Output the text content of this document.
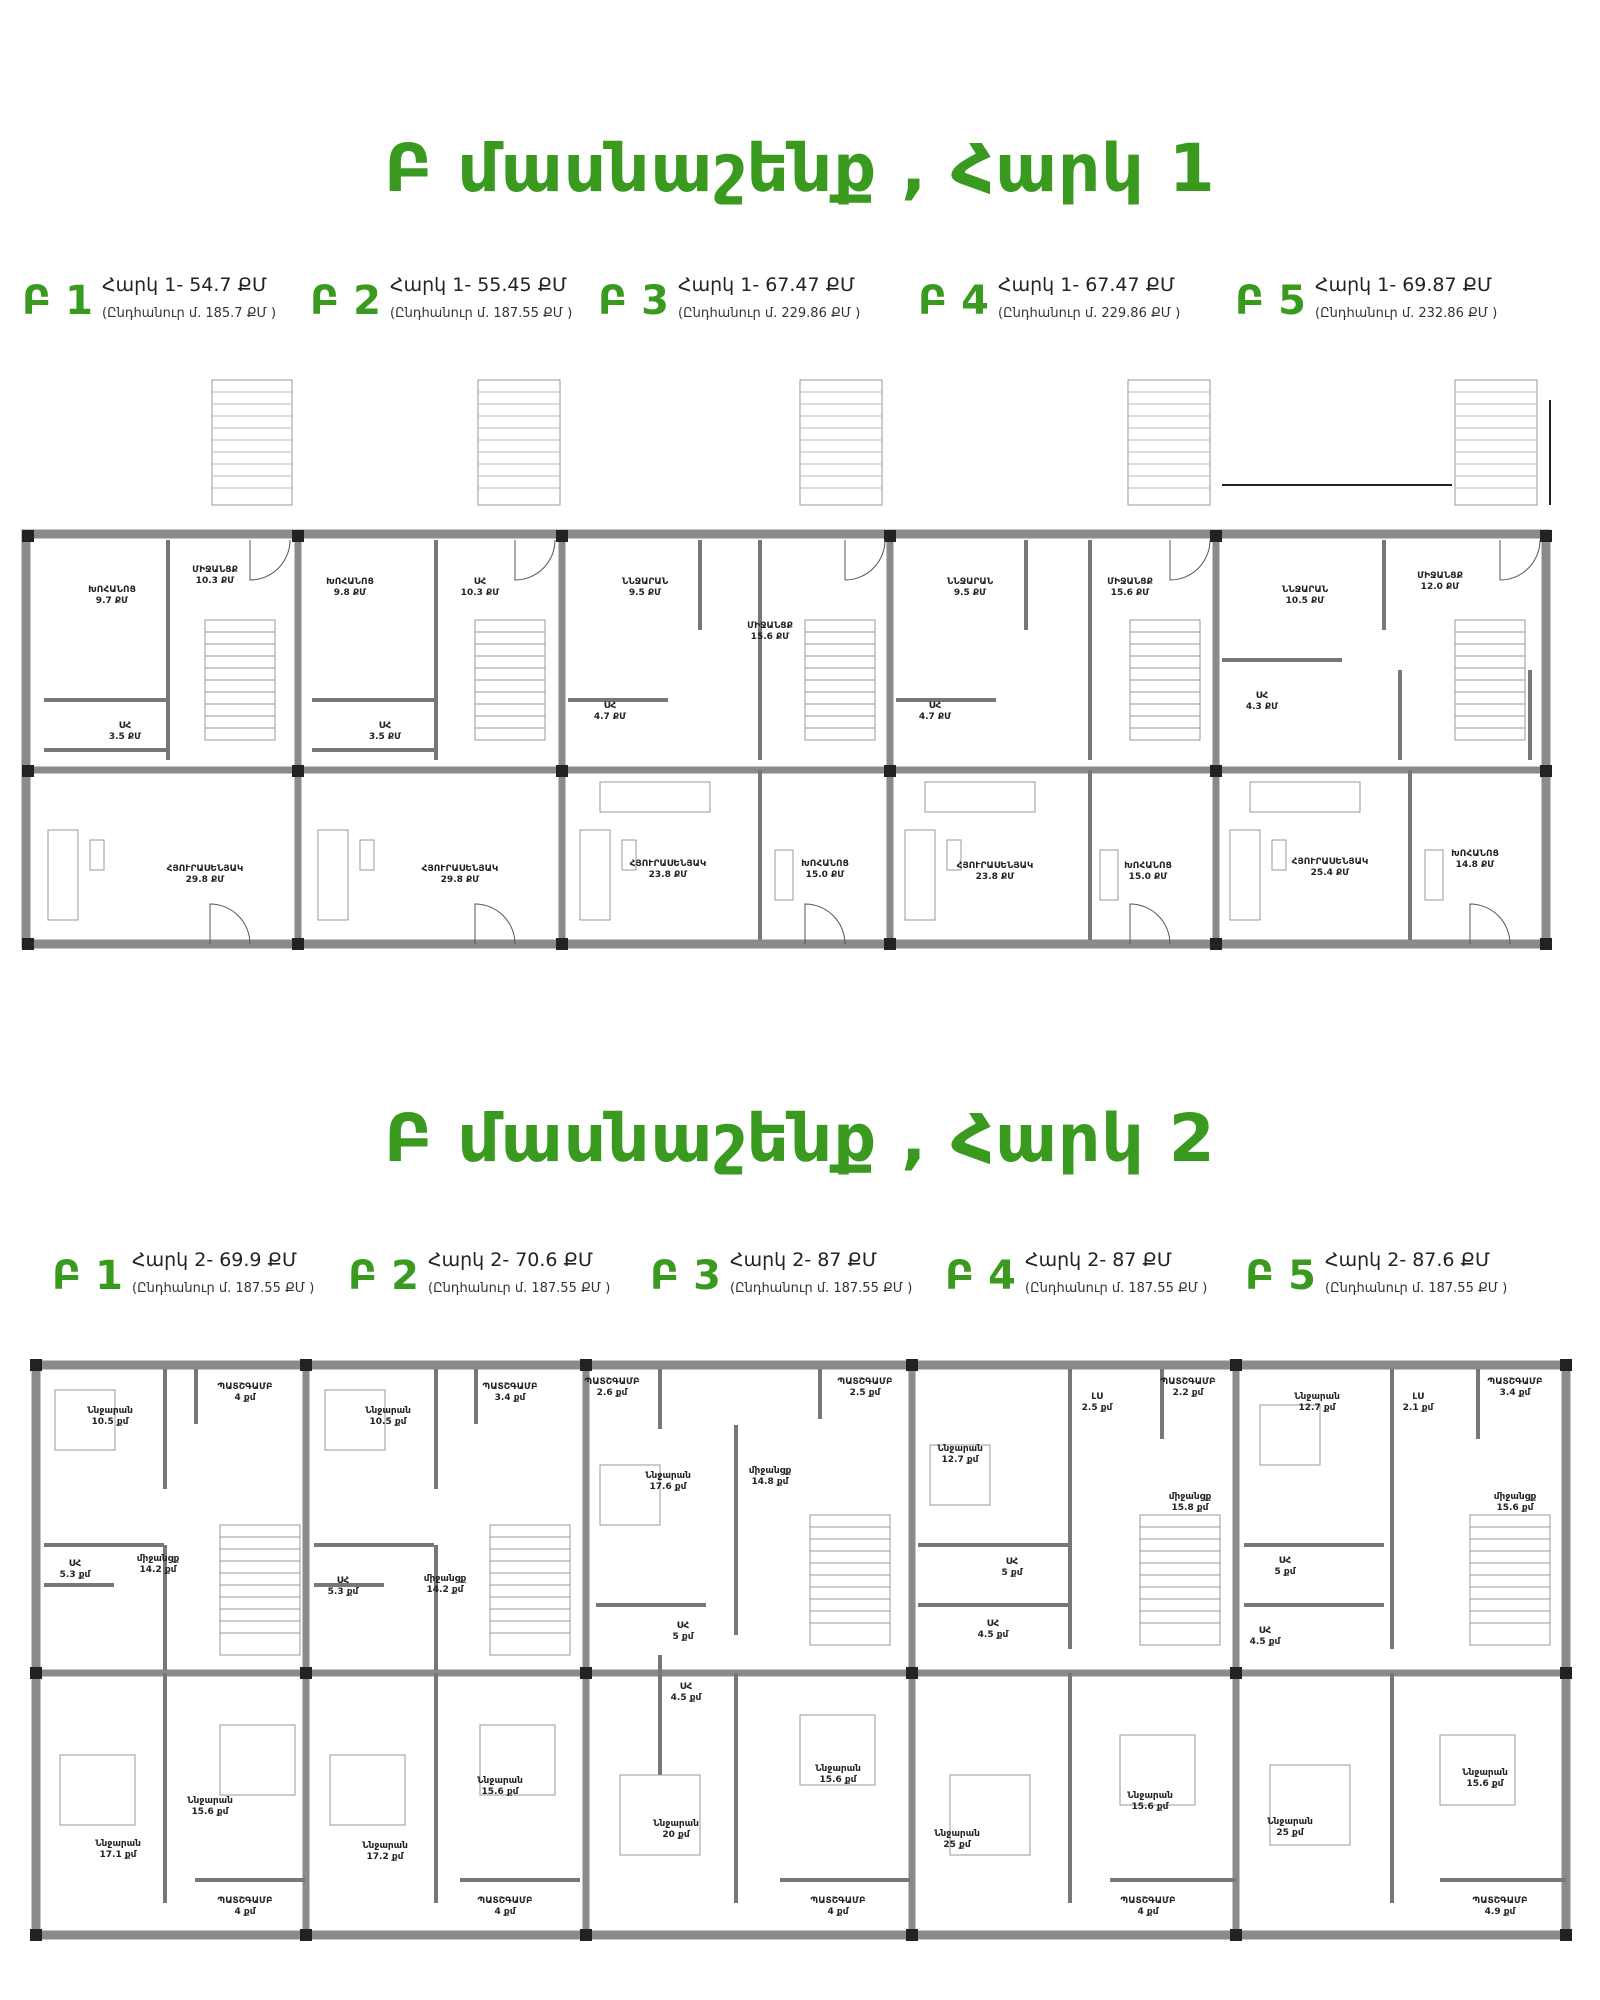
Բ մասնաշենք , Հարկ 1
Բ 1 Հարկ 1- 54.7 ՔՄ
(Ընդհանուր մ. 185.7 ՔՄ ) Բ 2 Հարկ 1- 55.45 ՔՄ
(Ընդհանուր մ. 187.55 ՔՄ ) Բ 3 Հարկ 1- 67.47 ՔՄ
(Ընդհանուր մ. 229.86 ՔՄ ) Բ 4 Հարկ 1- 67.47 ՔՄ
(Ընդհանուր մ. 229.86 ՔՄ ) Բ 5 Հարկ 1- 69.87 ՔՄ
(Ընդհանուր մ. 232.86 ՔՄ )
ԽՈՀԱՆՈՑ
9.7 ՔՄ
ՄԻՋԱՆՑՔ
10.3 ՔՄ
ՍՀ
3.5 ՔՄ
ՀՅՈՒՐԱՍԵՆՅԱԿ
29.8 ՔՄ
ԽՈՀԱՆՈՑ
9.8 ՔՄ
ՍՀ
10.3 ՔՄ
ՍՀ
3.5 ՔՄ
ՀՅՈՒՐԱՍԵՆՅԱԿ
29.8 ՔՄ
ՆՆՋԱՐԱՆ
9.5 ՔՄ
ՄԻՋԱՆՑՔ
15.6 ՔՄ
ՍՀ
4.7 ՔՄ
ՀՅՈՒՐԱՍԵՆՅԱԿ
23.8 ՔՄ
ԽՈՀԱՆՈՑ
15.0 ՔՄ
ՆՆՋԱՐԱՆ
9.5 ՔՄ
ՄԻՋԱՆՑՔ
15.6 ՔՄ
ՍՀ
4.7 ՔՄ
ՀՅՈՒՐԱՍԵՆՅԱԿ
23.8 ՔՄ
ԽՈՀԱՆՈՑ
15.0 ՔՄ
ՆՆՋԱՐԱՆ
10.5 ՔՄ
ՄԻՋԱՆՑՔ
12.0 ՔՄ
ՍՀ
4.3 ՔՄ
ՀՅՈՒՐԱՍԵՆՅԱԿ
25.4 ՔՄ
ԽՈՀԱՆՈՑ
14.8 ՔՄ
Բ մասնաշենք , Հարկ 2
Բ 1 Հարկ 2- 69.9 ՔՄ
(Ընդհանուր մ. 187.55 ՔՄ ) Բ 2 Հարկ 2- 70.6 ՔՄ
(Ընդհանուր մ. 187.55 ՔՄ ) Բ 3 Հարկ 2- 87 ՔՄ
(Ընդհանուր մ. 187.55 ՔՄ ) Բ 4 Հարկ 2- 87 ՔՄ
(Ընդհանուր մ. 187.55 ՔՄ ) Բ 5 Հարկ 2- 87.6 ՔՄ
(Ընդհանուր մ. 187.55 ՔՄ )
Ննջարան
10.5 քմ
ՊԱՏՇԳԱՄԲ
4 քմ
ՍՀ
5.3 քմ
միջանցք
14.2 քմ
Ննջարան
17.1 քմ
Ննջարան
15.6 քմ
ՊԱՏՇԳԱՄԲ
4 քմ
Ննջարան
10.5 քմ
ՊԱՏՇԳԱՄԲ
3.4 քմ
ՍՀ
5.3 քմ
միջանցք
14.2 քմ
Ննջարան
17.2 քմ
Ննջարան
15.6 քմ
ՊԱՏՇԳԱՄԲ
4 քմ
ՊԱՏՇԳԱՄԲ
2.6 քմ
ՊԱՏՇԳԱՄԲ
2.5 քմ
Ննջարան
17.6 քմ
միջանցք
14.8 քմ
ՍՀ
5 քմ
ՍՀ
4.5 քմ
Ննջարան
15.6 քմ
Ննջարան
20 քմ
ՊԱՏՇԳԱՄԲ
4 քմ
ԼՍ
2.5 քմ
ՊԱՏՇԳԱՄԲ
2.2 քմ
Ննջարան
12.7 քմ
միջանցք
15.8 քմ
ՍՀ
5 քմ
ՍՀ
4.5 քմ
Ննջարան
25 քմ
Ննջարան
15.6 քմ
ՊԱՏՇԳԱՄԲ
4 քմ
Ննջարան
12.7 քմ
ԼՍ
2.1 քմ
ՊԱՏՇԳԱՄԲ
3.4 քմ
միջանցք
15.6 քմ
ՍՀ
5 քմ
ՍՀ
4.5 քմ
Ննջարան
25 քմ
Ննջարան
15.6 քմ
ՊԱՏՇԳԱՄԲ
4.9 քմ
